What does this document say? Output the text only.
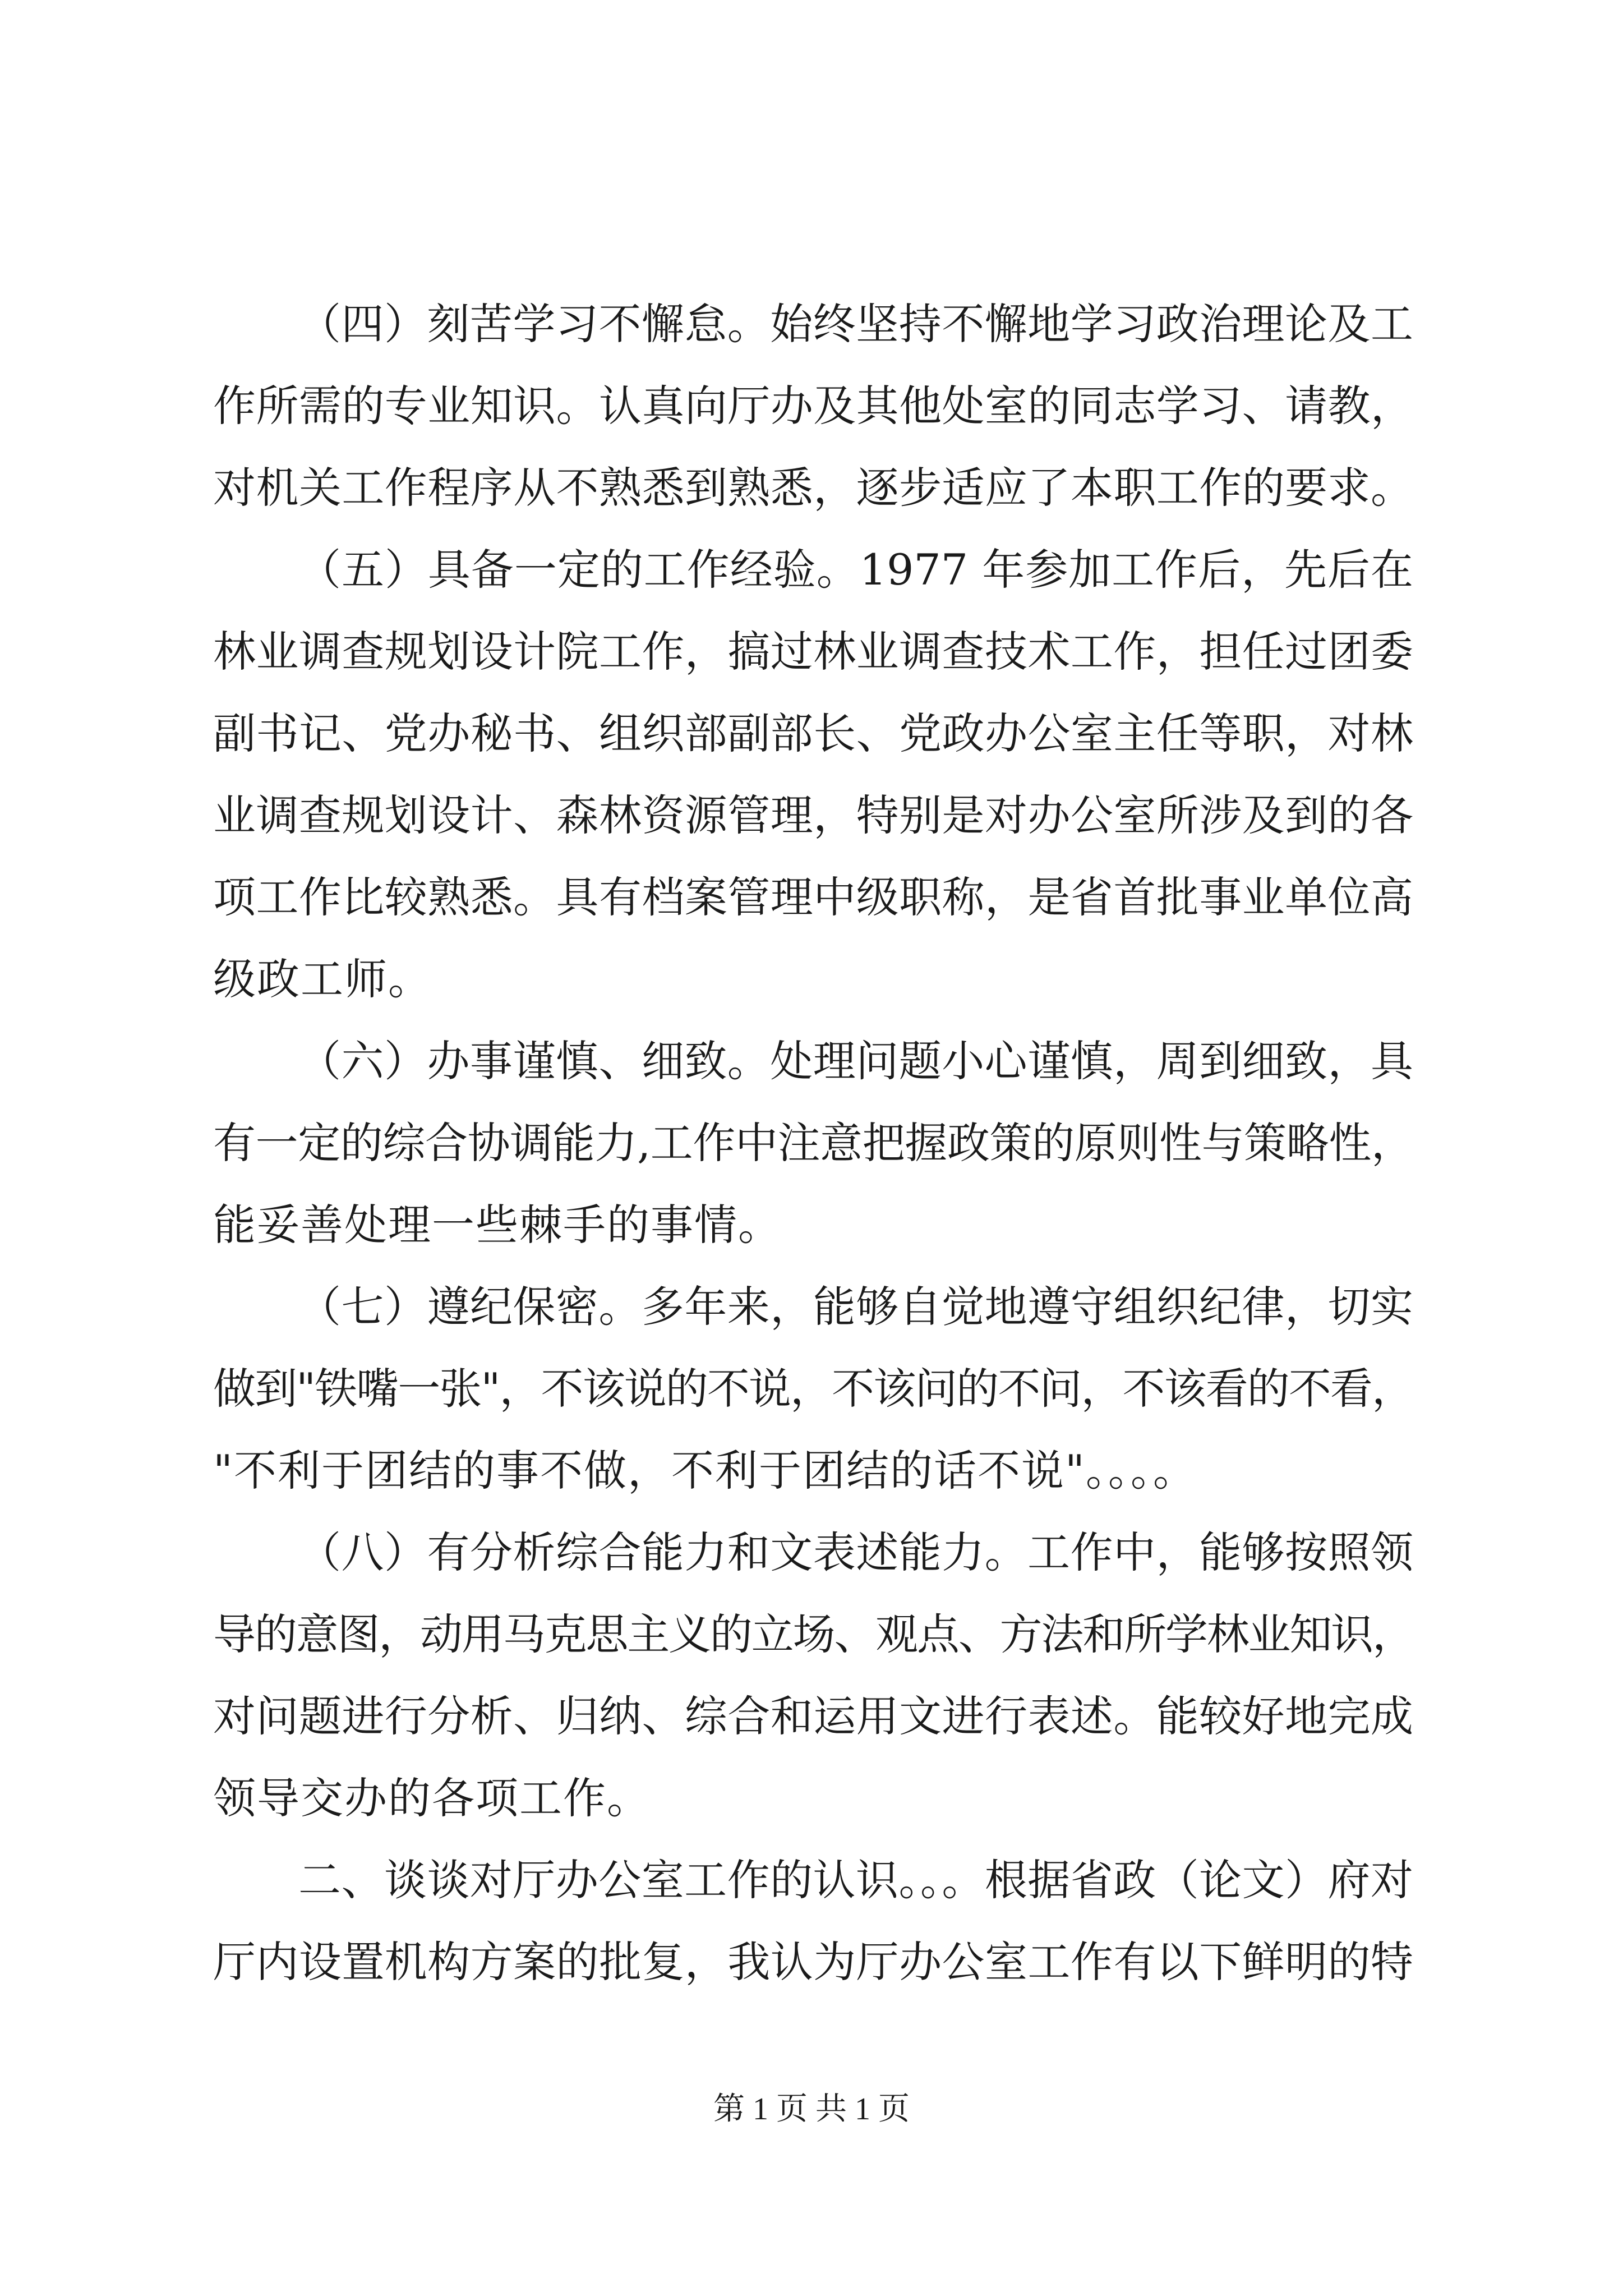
（四）刻苦学习不懈怠。始终坚持不懈地学习政治理论及工
作所需的专业知识。认真向厅办及其他处室的同志学习、请教，
对机关工作程序从不熟悉到熟悉，逐步适应了本职工作的要求。
（五）具备一定的工作经验。1977 年参加工作后，先后在
林业调查规划设计院工作，搞过林业调查技术工作，担任过团委
副书记、党办秘书、组织部副部长、党政办公室主任等职，对林
业调查规划设计、森林资源管理，特别是对办公室所涉及到的各
项工作比较熟悉。具有档案管理中级职称，是省首批事业单位高
级政工师。
（六）办事谨慎、细致。处理问题小心谨慎，周到细致，具
有一定的综合协调能力,工作中注意把握政策的原则性与策略性，
能妥善处理一些棘手的事情。
（七）遵纪保密。多年来，能够自觉地遵守组织纪律，切实
做到"铁嘴一张"，不该说的不说，不该问的不问，不该看的不看，
"不利于团结的事不做，不利于团结的话不说"。。。。
（八）有分析综合能力和文表述能力。工作中，能够按照领
导的意图，动用马克思主义的立场、观点、方法和所学林业知识，
对问题进行分析、归纳、综合和运用文进行表述。能较好地完成
领导交办的各项工作。
二、谈谈对厅办公室工作的认识。。。根据省政（论文）府对
厅内设置机构方案的批复，我认为厅办公室工作有以下鲜明的特
第 1 页 共 1 页
